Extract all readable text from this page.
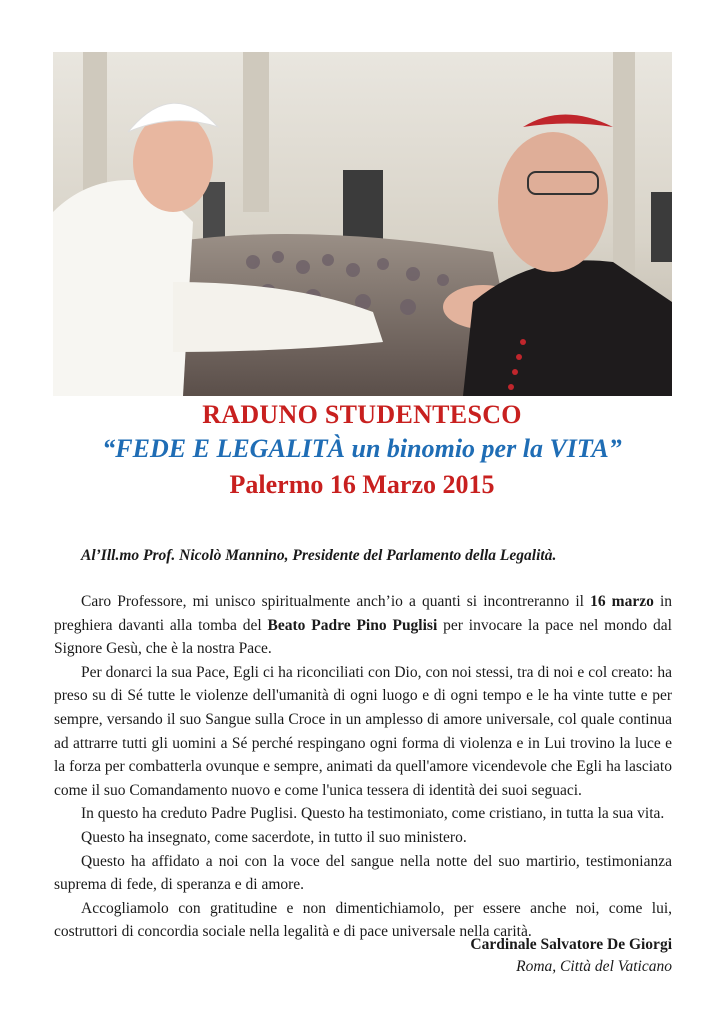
RADUNO STUDENTESCO
“FEDE E LEGALITÀ un binomio per la VITA”
Palermo 16 Marzo 2015
Al’Ill.mo Prof. Nicolò Mannino, Presidente del Parlamento della Legalità.

Caro Professore, mi unisco spiritualmente anch’io a quanti si incontreranno il 16 marzo in preghiera davanti alla tomba del Beato Padre Pino Puglisi per invocare la pace nel mondo dal Signore Gesù, che è la nostra Pace.

Per donarci la sua Pace, Egli ci ha riconciliati con Dio, con noi stessi, tra di noi e col creato: ha preso su di Sé tutte le violenze dell'umanità di ogni luogo e di ogni tempo e le ha vinte tutte e per sempre, versando il suo Sangue sulla Croce in un amplesso di amore universale, col quale continua ad attrarre tutti gli uomini a Sé perché respingano ogni forma di violenza e in Lui trovino la luce e la forza per combatterla ovunque e sempre, animati da quell'amore vicendevole che Egli ha lasciato come il suo Comandamento nuovo e come l'unica tessera di identità dei suoi seguaci.

In questo ha creduto Padre Puglisi. Questo ha testimoniato, come cristiano, in tutta la sua vita.

Questo ha insegnato, come sacerdote, in tutto il suo ministero.

Questo ha affidato a noi con la voce del sangue nella notte del suo martirio, testimonianza suprema di fede, di speranza e di amore.

Accogliamolo con gratitudine e non dimentichiamolo, per essere anche noi, come lui, costruttori di concordia sociale nella legalità e di pace universale nella carità.

Cardinale Salvatore De Giorgi
Roma, Città del Vaticano
